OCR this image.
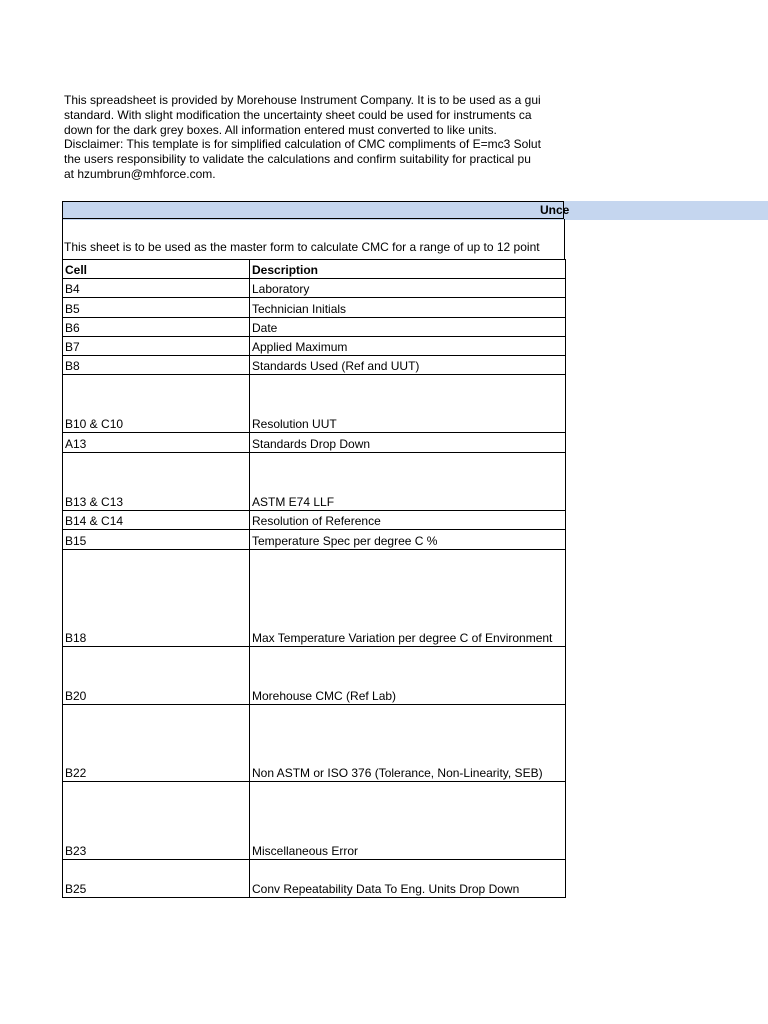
This spreadsheet is provided by Morehouse Instrument Company. It is to be used as a gui
standard. With slight modification the uncertainty sheet could be used for instruments ca
down for the dark grey boxes. All information entered must converted to like units.
Disclaimer: This template is for simplified calculation of CMC compliments of E=mc3 Solut
the users responsibility to validate the calculations and confirm suitability for practical pu
at hzumbrun@mhforce.com.
Unce
This sheet is to be used as the master form to calculate CMC for a range of up to 12 point
Cell	Description
B4	Laboratory
B5	Technician Initials
B6	Date
B7	Applied Maximum
B8	Standards Used (Ref and UUT)
B10 & C10	Resolution UUT
A13	Standards Drop Down
B13 & C13	ASTM E74 LLF
B14 & C14	Resolution of Reference
B15	Temperature Spec per degree C %
B18	Max Temperature Variation per degree C of Environment
B20	Morehouse CMC (Ref Lab)
B22	Non ASTM or ISO 376 (Tolerance, Non-Linearity, SEB)
B23	Miscellaneous Error
B25	Conv Repeatability Data To Eng. Units Drop Down
